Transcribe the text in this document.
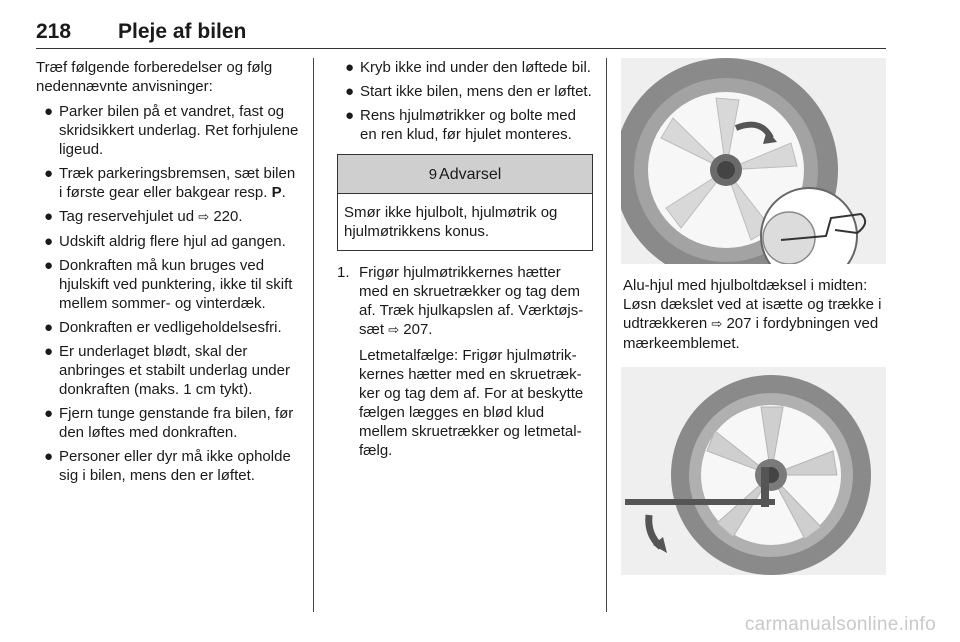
218 Pleje af bilen

Træf følgende forberedelser og følg nedennævnte anvisninger:

● Parker bilen på et vandret, fast og skridsikkert underlag. Ret forhjulene ligeud.
● Træk parkeringsbremsen, sæt bilen i første gear eller bakgear resp. P.
● Tag reservehjulet ud ⇨ 220.
● Udskift aldrig flere hjul ad gangen.
● Donkraften må kun bruges ved hjulskift ved punktering, ikke til skift mellem sommer- og vinterdæk.
● Donkraften er vedligeholdelsesfri.
● Er underlaget blødt, skal der anbringes et stabilt underlag under donkraften (maks. 1 cm tykt).
● Fjern tunge genstande fra bilen, før den løftes med donkraften.
● Personer eller dyr må ikke opholde sig i bilen, mens den er løftet.
● Kryb ikke ind under den løftede bil.
● Start ikke bilen, mens den er løftet.
● Rens hjulmøtrikker og bolte med en ren klud, før hjulet monteres.
9 Advarsel
Smør ikke hjulbolt, hjulmøtrik og hjulmøtrikkens konus.
1. Frigør hjulmøtrikkernes hætter med en skruetrækker og tag dem af. Træk hjulkapslen af. Værktøjssæt ⇨ 207.

Letmetalfælge: Frigør hjulmøtrikkernes hætter med en skruetrækker og tag dem af. For at beskytte fælgen lægges en blød klud mellem skruetrækker og letmetalfælg.

Alu-hjul med hjulboltdæksel i midten: Løsn dækslet ved at isætte og trække i udtrækkeren ⇨ 207 i fordybningen ved mærkeemblemet.

carmanualsonline.info
